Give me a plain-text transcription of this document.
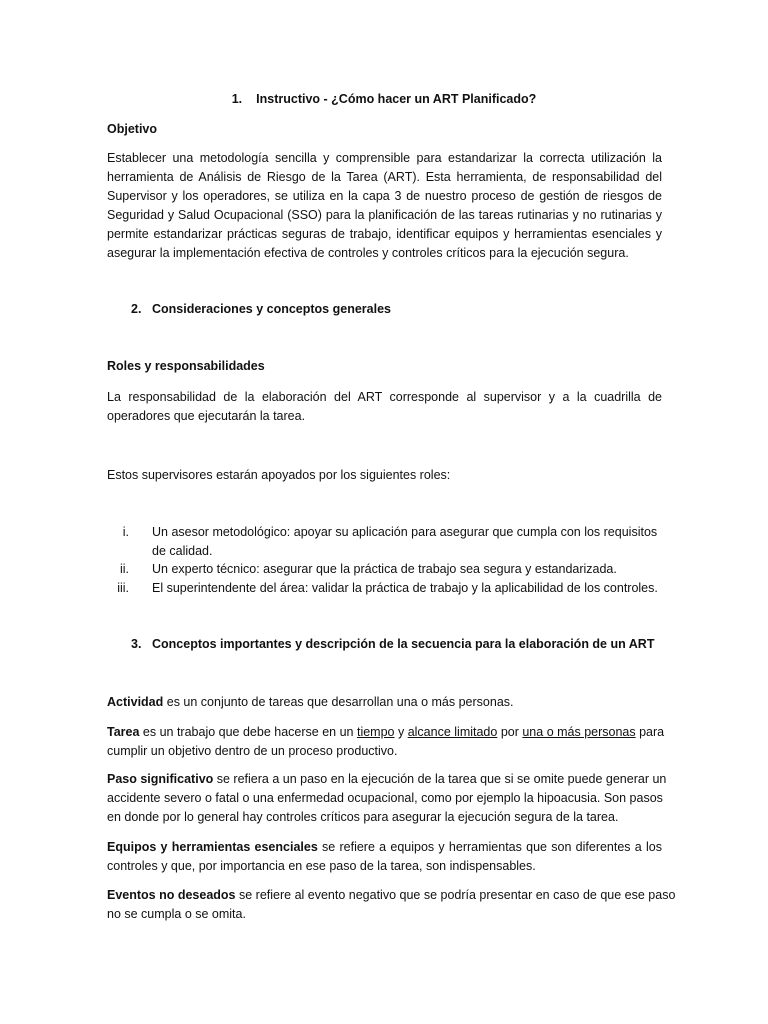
1. Instructivo - ¿Cómo hacer un ART Planificado?
Objetivo
Establecer una metodología sencilla y comprensible para estandarizar la correcta utilización la
herramienta de Análisis de Riesgo de la Tarea (ART). Esta herramienta, de responsabilidad del
Supervisor y los operadores, se utiliza en la capa 3 de nuestro proceso de gestión de riesgos de
Seguridad y Salud Ocupacional (SSO) para la planificación de las tareas rutinarias y no rutinarias y
permite estandarizar prácticas seguras de trabajo, identificar equipos y herramientas esenciales y
asegurar la implementación efectiva de controles y controles críticos para la ejecución segura.
2. Consideraciones y conceptos generales
Roles y responsabilidades
La responsabilidad de la elaboración del ART corresponde al supervisor y a la cuadrilla de
operadores que ejecutarán la tarea.
Estos supervisores estarán apoyados por los siguientes roles:
i.	Un asesor metodológico: apoyar su aplicación para asegurar que cumpla con los requisitos
de calidad.
ii.	Un experto técnico: asegurar que la práctica de trabajo sea segura y estandarizada.
iii.	El superintendente del área: validar la práctica de trabajo y la aplicabilidad de los controles.
3. Conceptos importantes y descripción de la secuencia para la elaboración de un ART
Actividad es un conjunto de tareas que desarrollan una o más personas.
Tarea es un trabajo que debe hacerse en un tiempo y alcance limitado por una o más personas para
cumplir un objetivo dentro de un proceso productivo.
Paso significativo se refiera a un paso en la ejecución de la tarea que si se omite puede generar un
accidente severo o fatal o una enfermedad ocupacional, como por ejemplo la hipoacusia. Son pasos
en donde por lo general hay controles críticos para asegurar la ejecución segura de la tarea.
Equipos y herramientas esenciales se refiere a equipos y herramientas que son diferentes a los
controles y que, por importancia en ese paso de la tarea, son indispensables.
Eventos no deseados se refiere al evento negativo que se podría presentar en caso de que ese paso
no se cumpla o se omita.
